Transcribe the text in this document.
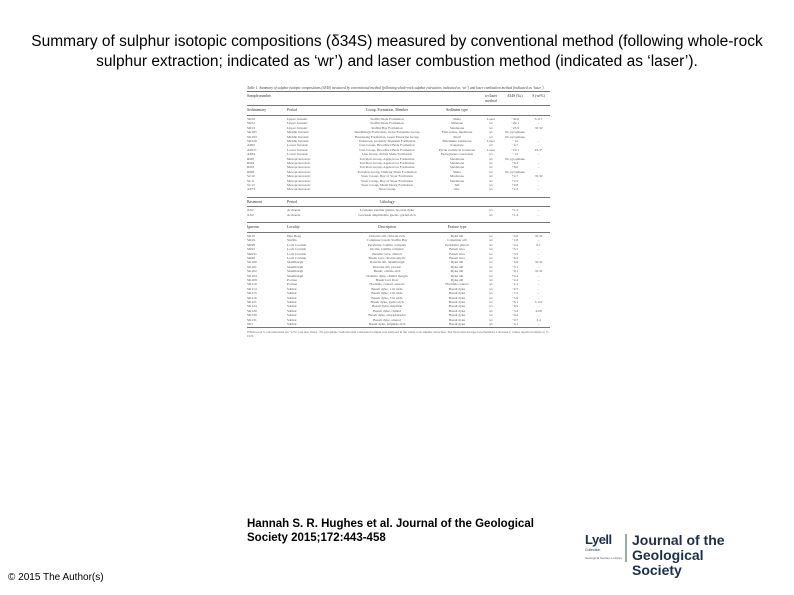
Summary of sulphur isotopic compositions (δ34S) measured by conventional method (following whole-rock sulphur extraction; indicated as ‘wr’) and laser combustion method (indicated as ‘laser’).
Table 1. Summary of sulphur isotopic compositions (δ34S) measured by conventional method (following whole-rock sulphur extraction; indicated as ‘wr’) and laser combustion method (indicated as ‘laser’)
Sample number	wr/laser method
δ34S (‰)	S (wt%)
Sedimentary	Period	Group, Formation, Member	Sediment type
SK50	Upper Jurassic	Staffin Shale Formation	Shale	Laser	−32.6	3.117
SK52	Upper Jurassic	Staffin Shale Formation	Siltstone	wr	−29.1	–
SK53	Upper Jurassic	Staffin Bay Formation	Sandstone	wr	−23.9	<0.32
SK185	Middle Jurassic	Skudiburgh Formation, Great Estuarine Group	Fish scales, mudstone	wr	No pyrophane
SK183	Middle Jurassic	Bearreraig Formation, Great Estuarine Group	Shell	wr	No pyrophane
SK526	Middle Jurassic	Unknown, probably Duntulm Formation	Belemnite sandstone	Laser	−14	–
AP65	Lower Jurassic	Lias Group, Broadford Beds Formation	Ironstone	wr	−4.7	–
AP671	Lower Jurassic	Lias Group, Broadford Beds Formation	Pyrite nodule in ironstone	Laser	−10.1	23.3*
AP64	Lower Jurassic	Lias Group, Pabba Shale Formation	Ferruginous concretion	wr	−14	–
RM5	Mesoproterozoic	Torridon Group, Applecross Formation	Sandstone	wr	No pyrophane
RM4	Mesoproterozoic	Torridon Group, Applecross Formation	Sandstone	wr	+6.3	–
RM3	Mesoproterozoic	Torridon Group, Applecross Formation	Sandstone	wr	+8.0	–
RM6	Mesoproterozoic	Torridon Group, Diabaig Shale Formation	Shale	wr	No pyrophane
SC10	Mesoproterozoic	Stoer Group, Bay of Stoer Formation	Mudstone	wr	+4.7	<0.32
SC11	Mesoproterozoic	Stoer Group, Bay of Stoer Formation	Sandstone	wr	+2.5	–
SC12	Mesoproterozoic	Stoer Group, Meall Dearg Formation	Silt	wr	+2.8	–
AP73	Mesoproterozoic	Sleat Group	mw	wr	+2.3	–
Basement	Period	Lithology
XX1	Archaean	Lewisian tonalite gneiss, Scourie dyke	wr	+1.2	–
XX2	Archaean	Lewisian amphibolite gneiss, garnet-rich	wr	+1.4	–
Igneous	Locality	Description	Feature type
SK10	Dun Beag	Dolerite sill, chlorite-rich	Dyke sill	wr	−4.9	<0.32
SK29	Staffin	Columnar basalt, Staffin Bay	Columnar sill	wr	−1.8	–
SK98	Loch Coruisk	Peridotite, Cuillin complex	Peridotite pluton	wr	−4.4	0.1
SK92	Loch Coruisk	Picrite, Cuillin complex	Basalt lava	wr	−5.7	–
SK93a	Loch Coruisk	Basaltic lava, altered	Basalt lava	wr	−3.5	–
SK96	Loch Coruisk	Basalt lava, olivine-phyric	Basalt lava	wr	−6.3	–
SK100	Skudiburgh	Dolerite sill, Skudiburgh	Dyke sill	wr	−4.6	<0.32
SK101	Skudiburgh	Dolerite sill, picritic	Dyke sill	wr	−3.1	–
SK102	Skudiburgh	Basalt, olivine-rich	Dyke sill	wr	−0.1	<0.32
SK104	Skudiburgh	Dolerite dyke, chilled margin	Dyke sill	wr	+0.4	–
SK109	Portree	Basalt lava flow	Dyke sill	wr	−2.4	–
SK110	Portree	Hornfels, contact aureole	Hornfels contact	wr	−2.1	–
SK114	Sabhal	Basalt dyke, 1 m wide	Basalt dyke	wr	−9.7	–
SK115	Sabhal	Basalt dyke, 2 m wide	Basalt dyke	wr	−7.5	–
SK116	Sabhal	Basalt dyke, 3 m wide	Basalt dyke	wr	−5.9	–
SK121	Sabhal	Basalt dyke, pyrite-rich	Basalt dyke	wr	−8.1	3.122
SK124	Sabhal	Basalt dyke, sulphide	Basalt dyke	wr	−4.9	–
SK129	Sabhal	Basalt dyke, chilled	Basalt dyke	wr	−3.2	4.08
SK130	Sabhal	Basalt dyke, amygdaloidal	Basalt dyke	wr	−9.4	–
SK131	Sabhal	Basalt dyke, altered	Basalt dyke	wr	−9.7	3.4
SK7	Sabhal	Basalt dyke, sulphide-rich	Basalt dyke	wr	−4.1	–
Whole-rock S concentrations (as ‘wt%’) are also listed. ‘No pyrophane’ indicates that a measured sample was analysed in the whole rock sulphur extraction. The Newcastle Isotope Geochemistry Laboratory; values reported relative to V-CDT.
Hannah S. R. Hughes et al. Journal of the Geological Society 2015;172:443-458	Lyell
Collection
Geological Society e-Library
Journal of the Geological Society
© 2015 The Author(s)
